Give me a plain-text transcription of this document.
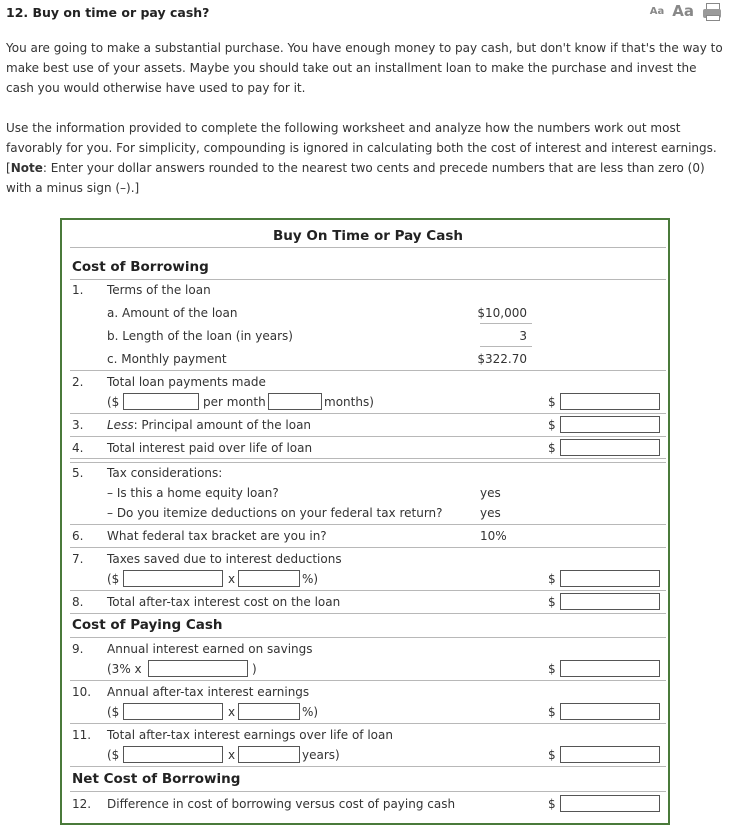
12. Buy on time or pay cash?	Aa Aa

You are going to make a substantial purchase. You have enough money to pay cash, but don't know if that's the way to make best use of your assets. Maybe you should take out an installment loan to make the purchase and invest the cash you would otherwise have used to pay for it.

Use the information provided to complete the following worksheet and analyze how the numbers work out most favorably for you. For simplicity, compounding is ignored in calculating both the cost of interest and interest earnings. [Note: Enter your dollar answers rounded to the nearest two cents and precede numbers that are less than zero (0) with a minus sign (–).]

Buy On Time or Pay Cash
Cost of Borrowing
1. Terms of the loan
a. Amount of the loan	$10,000
b. Length of the loan (in years)	3
c. Monthly payment	$322.70
2. Total loan payments made
($	per month	months)	$
3. Less: Principal amount of the loan	$
4. Total interest paid over life of loan	$
5. Tax considerations:
– Is this a home equity loan?	yes
– Do you itemize deductions on your federal tax return?	yes
6. What federal tax bracket are you in?	10%
7. Taxes saved due to interest deductions
($	x	%)	$
8. Total after-tax interest cost on the loan	$
Cost of Paying Cash
9. Annual interest earned on savings
(3% x	)	$
10. Annual after-tax interest earnings
($	x	%)	$
11. Total after-tax interest earnings over life of loan
($	x	years)	$
Net Cost of Borrowing
12. Difference in cost of borrowing versus cost of paying cash	$
